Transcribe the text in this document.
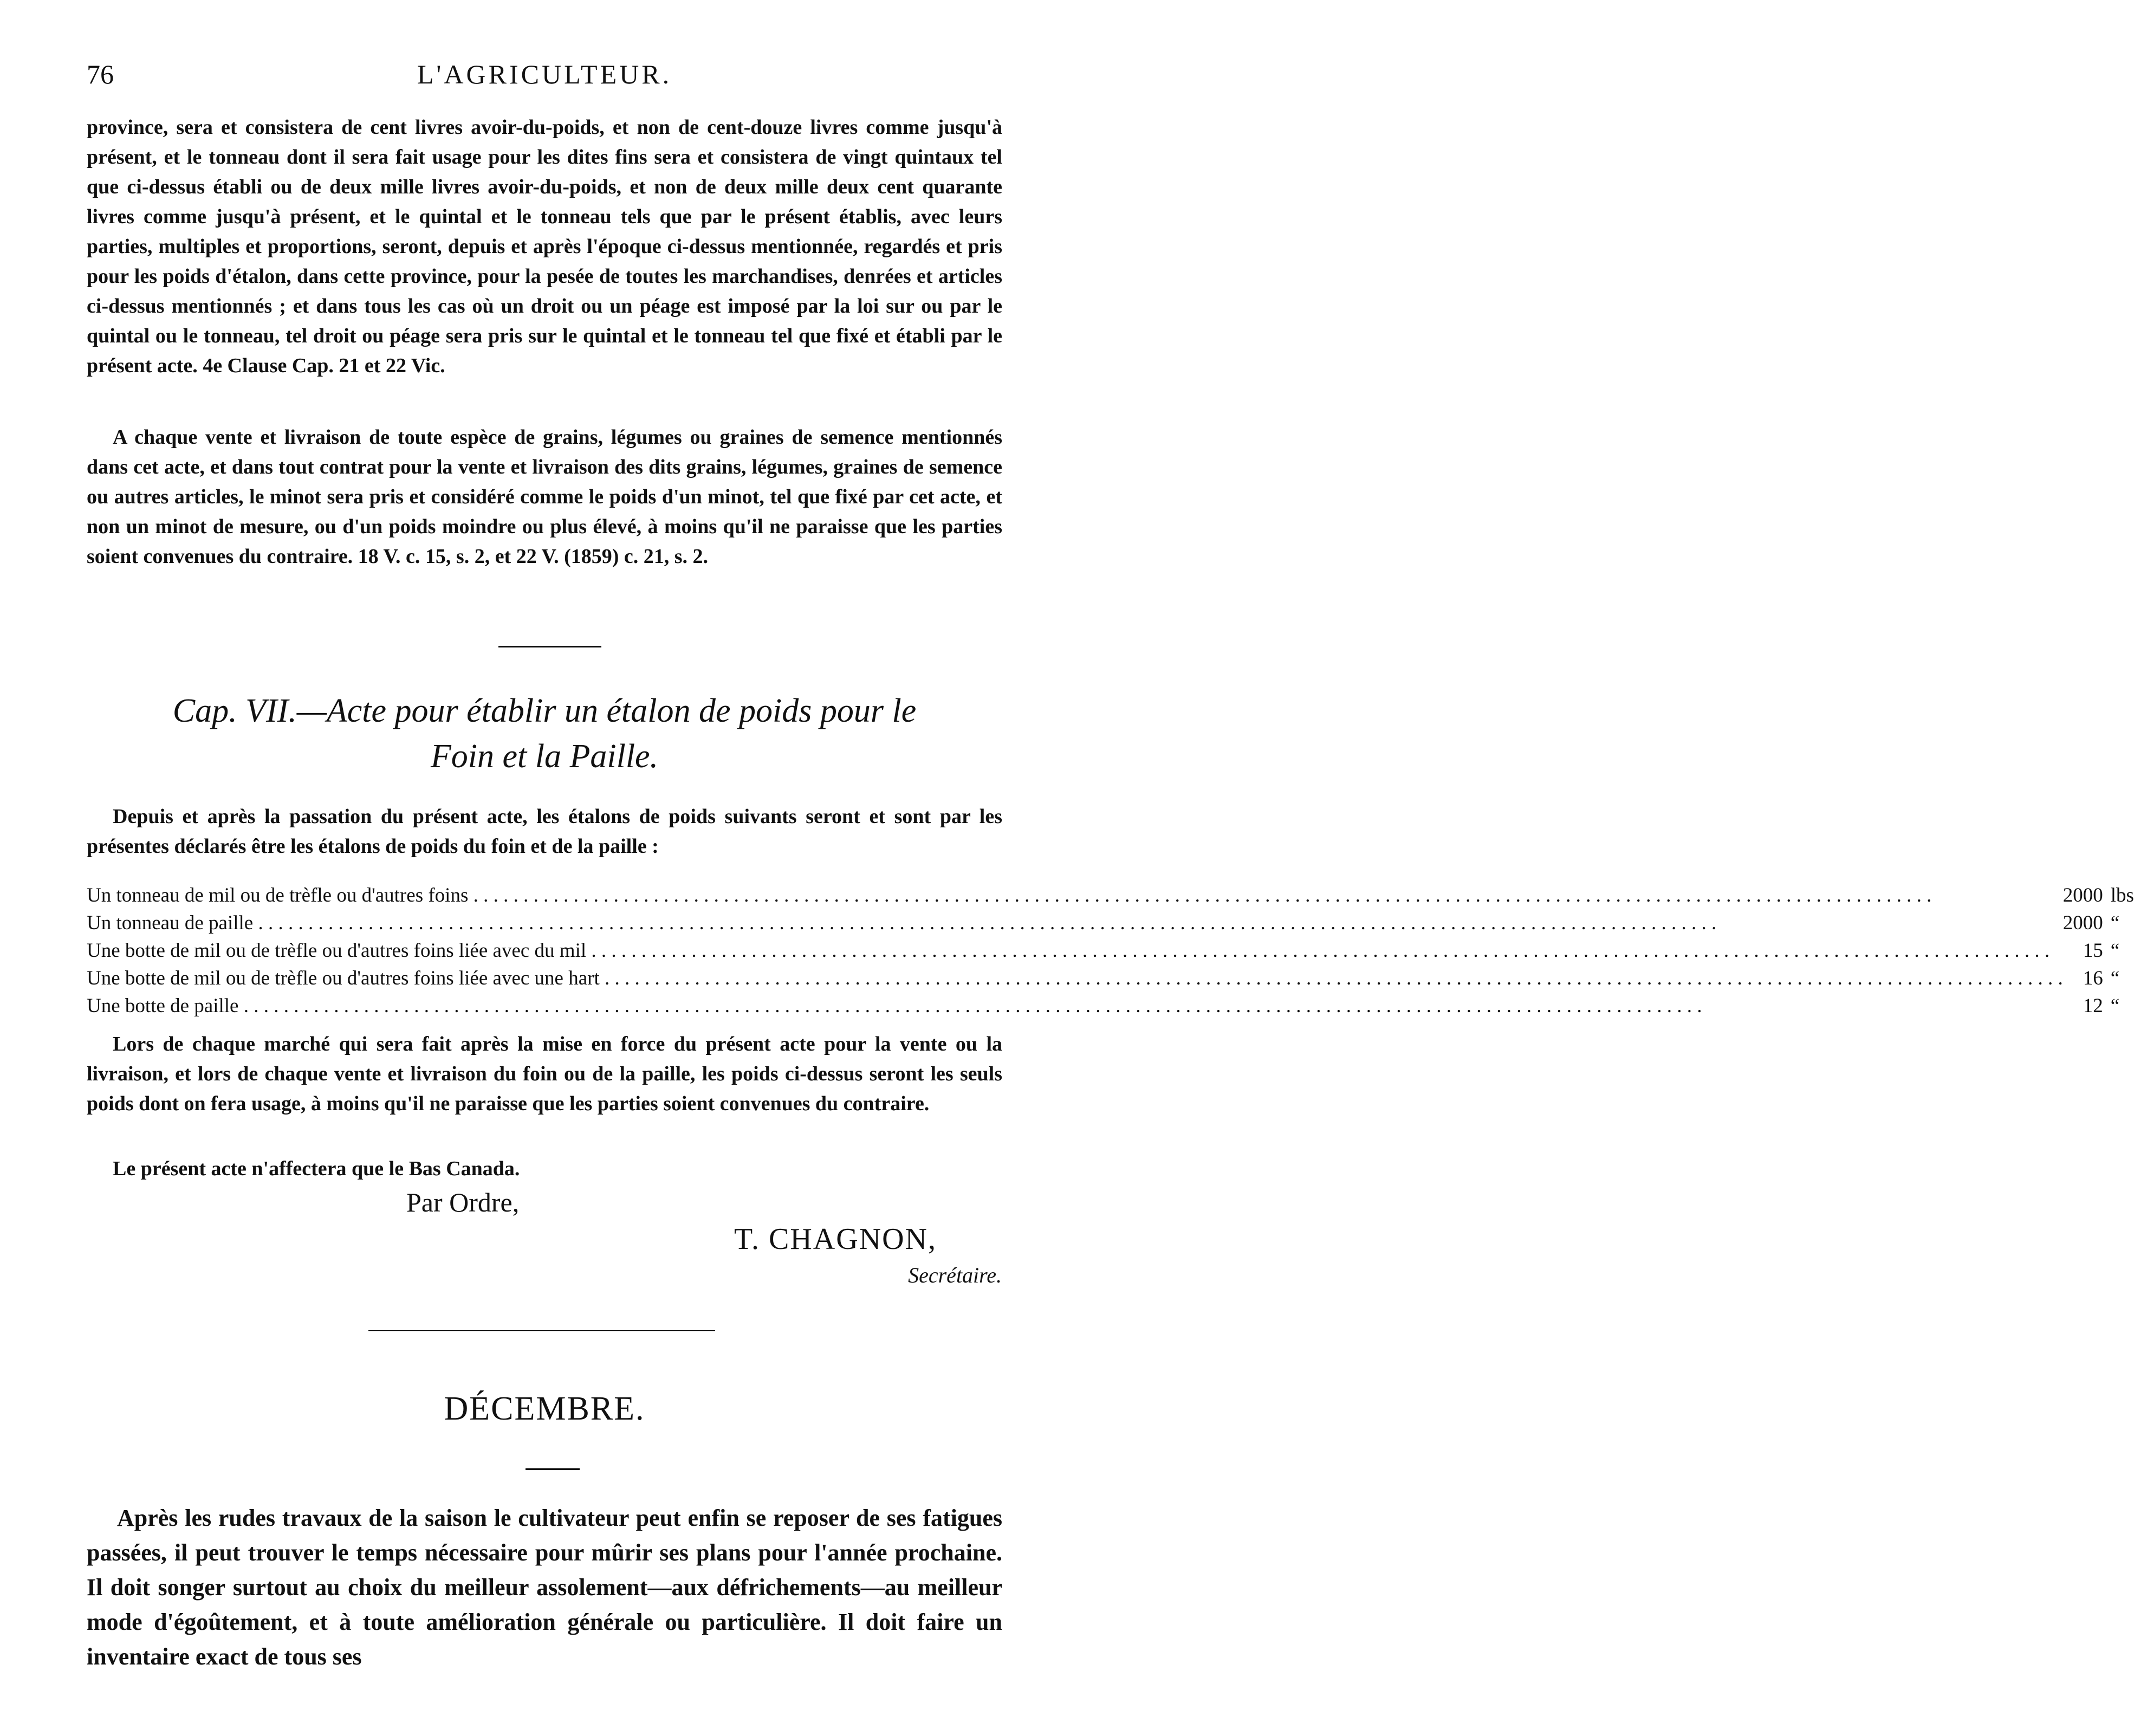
76	L'AGRICULTEUR.

province, sera et consistera de cent livres avoir-du-poids, et non de cent-douze livres comme jusqu'à présent, et le tonneau dont il sera fait usage pour les dites fins sera et consistera de vingt quintaux tel que ci-dessus établi ou de deux mille livres avoir-du-poids, et non de deux mille deux cent quarante livres comme jusqu'à présent, et le quintal et le tonneau tels que par le présent établis, avec leurs parties, multiples et proportions, seront, depuis et après l'époque ci-dessus mentionnée, regardés et pris pour les poids d'étalon, dans cette province, pour la pesée de toutes les marchandises, denrées et articles ci-dessus mentionnés ; et dans tous les cas où un droit ou un péage est imposé par la loi sur ou par le quintal ou le tonneau, tel droit ou péage sera pris sur le quintal et le tonneau tel que fixé et établi par le présent acte. 4e Clause Cap. 21 et 22 Vic.

A chaque vente et livraison de toute espèce de grains, légumes ou graines de semence mentionnés dans cet acte, et dans tout contrat pour la vente et livraison des dits grains, légumes, graines de semence ou autres articles, le minot sera pris et considéré comme le poids d'un minot, tel que fixé par cet acte, et non un minot de mesure, ou d'un poids moindre ou plus élevé, à moins qu'il ne paraisse que les parties soient convenues du contraire. 18 V. c. 15, s. 2, et 22 V. (1859) c. 21, s. 2.

Cap. VII.—Acte pour établir un étalon de poids pour le
Foin et la Paille.

Depuis et après la passation du présent acte, les étalons de poids suivants seront et sont par les présentes déclarés être les étalons de poids du foin et de la paille :

Un tonneau de mil ou de trèfle ou d'autres foins . . .	2000	lbs
Un tonneau de paille . . .	2000	“
Une botte de mil ou de trèfle ou d'autres foins liée avec du mil . . .	15	“
Une botte de mil ou de trèfle ou d'autres foins liée avec une hart . . .	16	“
Une botte de paille . . .	12	“

Lors de chaque marché qui sera fait après la mise en force du présent acte pour la vente ou la livraison, et lors de chaque vente et livraison du foin ou de la paille, les poids ci-dessus seront les seuls poids dont on fera usage, à moins qu'il ne paraisse que les parties soient convenues du contraire.

Le présent acte n'affectera que le Bas Canada.

Par Ordre,
T. CHAGNON,
Secrétaire.
DÉCEMBRE.

Après les rudes travaux de la saison le cultivateur peut enfin se reposer de ses fatigues passées, il peut trouver le temps nécessaire pour mûrir ses plans pour l'année prochaine. Il doit songer surtout au choix du meilleur assolement—aux défrichements—au meilleur mode d'égoûtement, et à toute amélioration générale ou particulière. Il doit faire un inventaire exact de tous ses
